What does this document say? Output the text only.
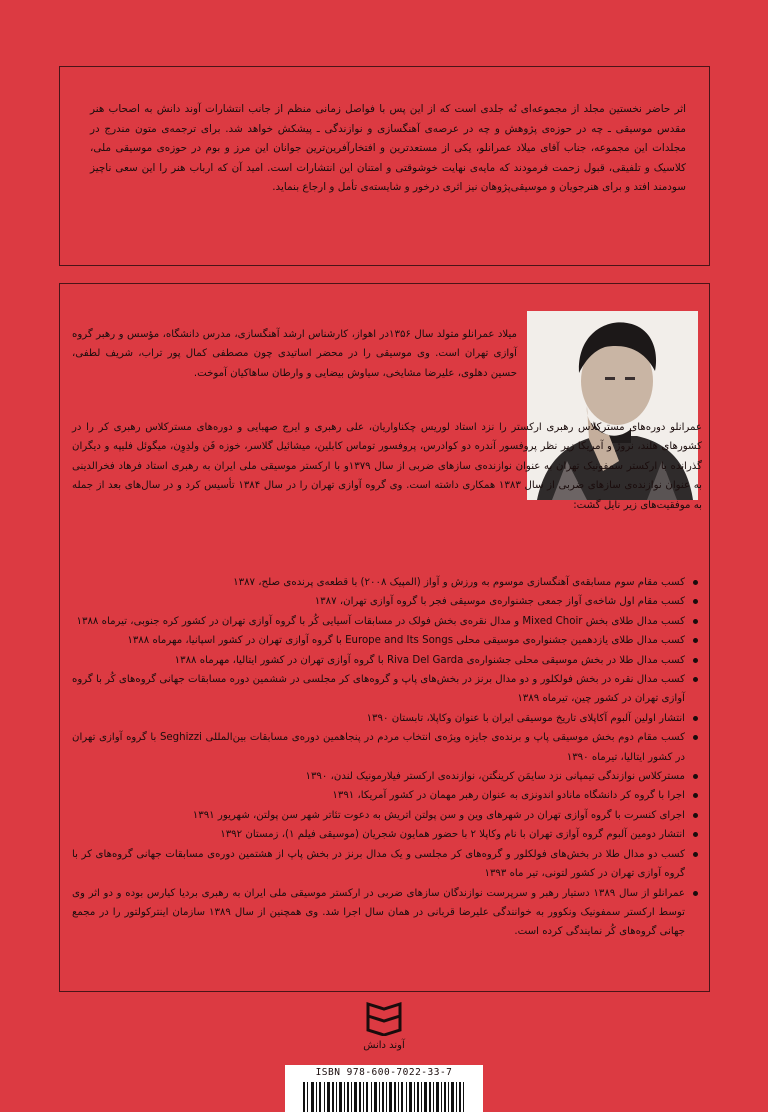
اثر حاضر نخستین مجلد از مجموعه‌ای نُه جلدی است که از این پس با فواصل زمانی منظم از جانب انتشارات آوند دانش به اصحاب هنر مقدس موسیقی ـ چه در حوزه‌ی پژوهش و چه در عرصه‌ی آهنگسازی و نوازندگی ـ پیشکش خواهد شد. برای ترجمه‌ی متون مندرج در مجلدات این مجموعه، جناب آقای میلاد عمرانلو، یکی از مستعدترین و افتخارآفرین‌ترین جوانان این مرز و بوم در حوزه‌ی موسیقی ملی، کلاسیک و تلفیقی، قبول زحمت فرمودند که مایه‌ی نهایت خوشوقتی و امتنان این انتشارات است. امید آن که ارباب هنر را این سعی ناچیز سودمند افتد و برای هنرجویان و موسیقی‌پژوهان نیز اثری درخور و شایسته‌ی تأمل و ارجاع بنماید.
میلاد عمرانلو متولد سال ۱۳۵۶در اهواز، کارشناس ارشد آهنگسازی، مدرس دانشگاه، مؤسس و رهبر گروه آوازی تهران است. وی موسیقی را در محضر اساتیدی چون مصطفی کمال پور تراب، شریف لطفی، حسین دهلوی، علیرضا مشایخی، سیاوش بیضایی و وارطان ساهاکیان آموخت.
عمرانلو دوره‌های مسترکلاس رهبری ارکستر را نزد استاد لوریس چکناواریان، علی رهبری و ایرج صهبایی و دوره‌های مسترکلاس رهبری کر را در کشورهای هلند، نروژ و آمریکا زیر نظر پروفسور آندره دو کوادرس، پروفسور توماس کابلین، میشائیل گلاسر، خوزه فَن ولدِوِن، میگوئل فلیپه و دیگران گذرانده با ارکستر سمفونیک تهران به عنوان نوازنده‌ی سازهای ضربی از سال ۱۳۷۹و با ارکستر موسیقی ملی ایران به رهبری استاد فرهاد فخرالدینی به عنوان نوازنده‌ی سازهای ضربی از سال ۱۳۸۳ همکاری داشته است. وی گروه آوازی تهران را در سال ۱۳۸۴ تأسیس کرد و در سال‌های بعد از جمله به موفقیت‌های زیر نایل گشت:
کسب مقام سوم مسابقه‌ی آهنگسازی موسوم به ورزش و آواز (المپیک ۲۰۰۸) با قطعه‌ی پرنده‌ی صلح، ۱۳۸۷
کسب مقام اول شاخه‌ی آواز جمعی جشنواره‌ی موسیقی فجر با گروه آوازی تهران، ۱۳۸۷
کسب مدال طلای بخش Mixed Choir و مدال نقره‌ی بخش فولک در مسابقات آسیایی کُر با گروه آوازی تهران در کشور کره جنوبی، تیرماه ۱۳۸۸
کسب مدال طلای یازدهمین جشنواره‌ی موسیقی محلی Europe and Its Songs با گروه آوازی تهران در کشور اسپانیا، مهرماه ۱۳۸۸
کسب مدال طلا در بخش موسیقی محلی جشنواره‌ی Riva Del Garda با گروه آوازی تهران در کشور ایتالیا، مهرماه ۱۳۸۸
کسب مدال نقره در بخش فولکلور و دو مدال برنز در بخش‌های پاپ و گروه‌های کر مجلسی در ششمین دوره مسابقات جهانی گروه‌های کُر با گروه آوازی تهران در کشور چین، تیرماه ۱۳۸۹
انتشار اولین آلبوم آکاپلای تاریخ موسیقی ایران با عنوان وکاپلا، تابستان ۱۳۹۰
کسب مقام دوم بخش موسیقی پاپ و برنده‌ی جایزه ویژه‌ی انتخاب مردم در پنجاهمین دوره‌ی مسابقات بین‌المللی Seghizzi با گروه آوازی تهران در کشور ایتالیا، تیرماه ۱۳۹۰
مسترکلاس نوازندگی تیمپانی نزد سایمَن کرینگتن، نوازنده‌ی ارکستر فیلارمونیک لندن، ۱۳۹۰
اجرا با گروه کر دانشگاه مانادو اندونزی به عنوان رهبر مهمان در کشور آمریکا، ۱۳۹۱
اجرای کنسرت با گروه آوازی تهران در شهرهای وین و سن پولتن اتریش به دعوت تئاتر شهر سن پولتن، شهریور ۱۳۹۱
انتشار دومین آلبوم گروه آوازی تهران با نام وکاپلا ۲ با حضور همایون شجریان (موسیقی فیلم ۱)، زمستان ۱۳۹۲
کسب دو مدال طلا در بخش‌های فولکلور و گروه‌های کر مجلسی و یک مدال برنز در بخش پاپ از هشتمین دوره‌ی مسابقات جهانی گروه‌های کر با گروه آوازی تهران در کشور لتونی، تیر ماه ۱۳۹۳
عمرانلو از سال ۱۳۸۹ دستیار رهبر و سرپرست نوازندگان سازهای ضربی در ارکستر موسیقی ملی ایران به رهبری بردیا کیارس بوده و دو اثر وی توسط ارکستر سمفونیک ونکوور به خوانندگی علیرضا قربانی در همان سال اجرا شد. وی همچنین از سال ۱۳۸۹ سازمان اینترکولتور را در مجمع جهانی گروه‌های کُر نمایندگی کرده است.
آوند دانش
ISBN 978-600-7022-33-7
